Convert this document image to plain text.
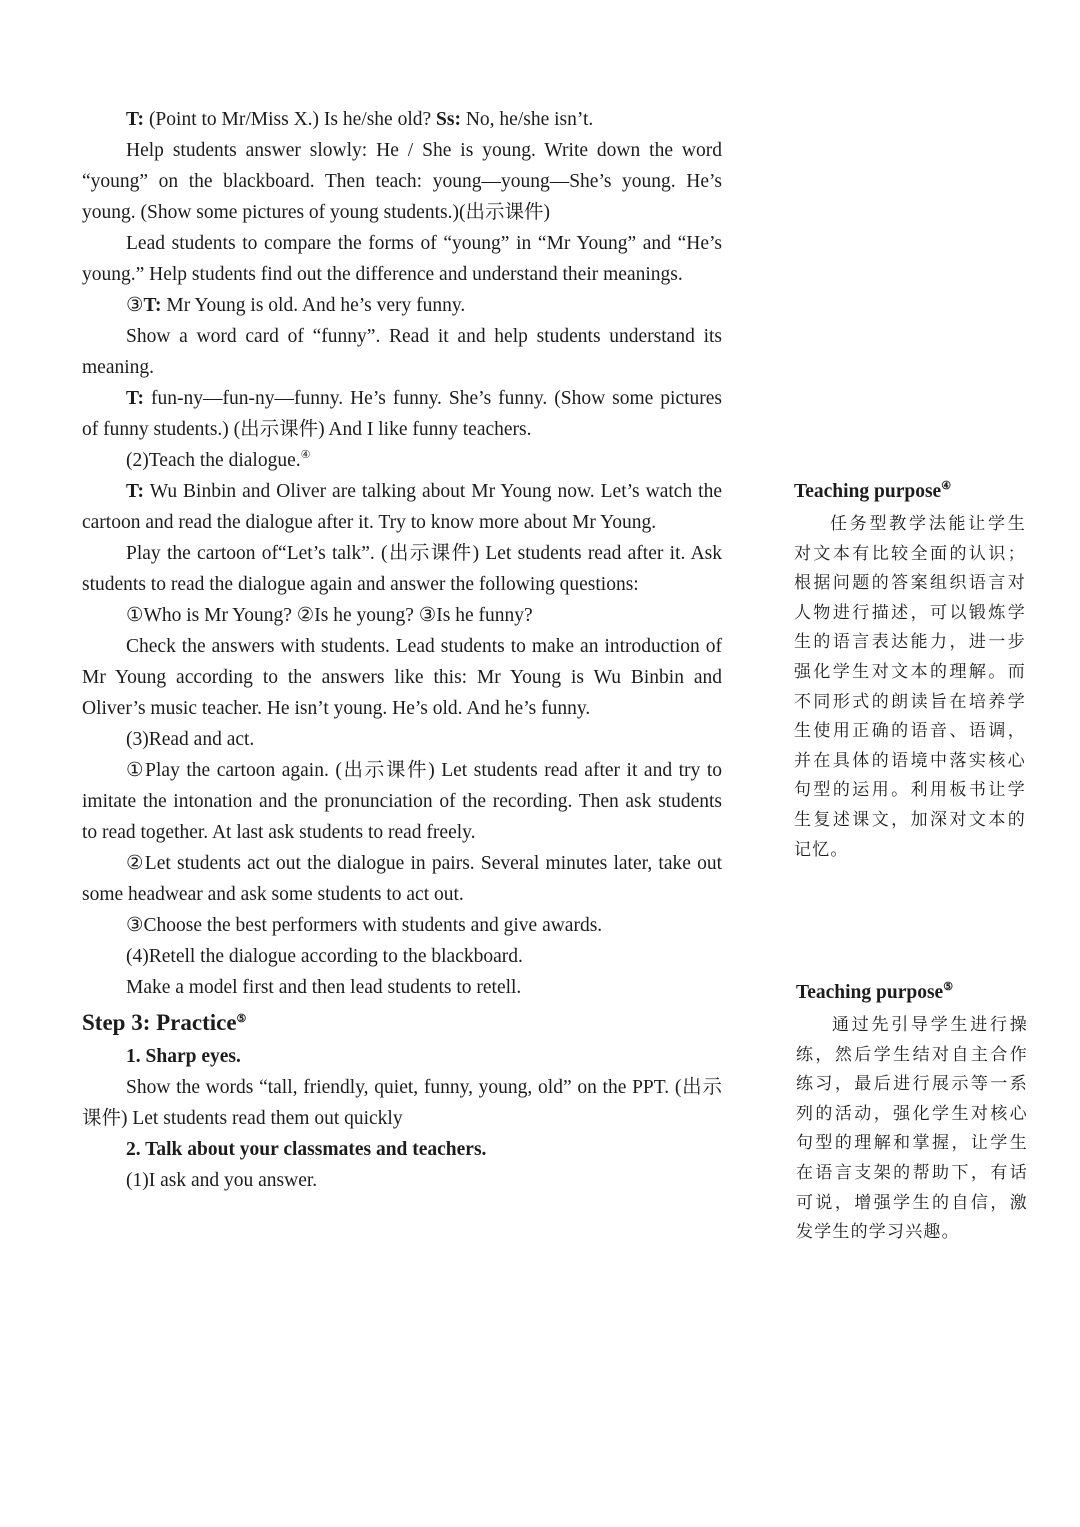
T: (Point to Mr/Miss X.) Is he/she old? Ss: No, he/she isn’t.

Help students answer slowly: He / She is young. Write down the word “young” on the blackboard. Then teach: young—young—She’s young. He’s young. (Show some pictures of young students.)(出示课件)

Lead students to compare the forms of “young” in “Mr Young” and “He’s young.” Help students find out the difference and understand their meanings.

③T: Mr Young is old. And he’s very funny.

Show a word card of “funny”. Read it and help students understand its meaning.

T: fun-ny—fun-ny—funny. He’s funny. She’s funny. (Show some pictures of funny students.) (出示课件) And I like funny teachers.

(2)Teach the dialogue.④

T: Wu Binbin and Oliver are talking about Mr Young now. Let’s watch the cartoon and read the dialogue after it. Try to know more about Mr Young.

Play the cartoon of“Let’s talk”. (出示课件) Let students read after it. Ask students to read the dialogue again and answer the following questions:

①Who is Mr Young? ②Is he young? ③Is he funny?

Check the answers with students. Lead students to make an introduction of Mr Young according to the answers like this: Mr Young is Wu Binbin and Oliver’s music teacher. He isn’t young. He’s old. And he’s funny.

(3)Read and act.

①Play the cartoon again. (出示课件) Let students read after it and try to imitate the intonation and the pronunciation of the recording. Then ask students to read together. At last ask students to read freely.

②Let students act out the dialogue in pairs. Several minutes later, take out some headwear and ask some students to act out.

③Choose the best performers with students and give awards.

(4)Retell the dialogue according to the blackboard.

Make a model first and then lead students to retell.

Step 3: Practice⑤

1. Sharp eyes.

Show the words “tall, friendly, quiet, funny, young, old” on the PPT. (出示课件) Let students read them out quickly

2. Talk about your classmates and teachers.

(1)I ask and you answer.

Teaching purpose④

任务型教学法能让学生对文本有比较全面的认识；根据问题的答案组织语言对人物进行描述，可以锻炼学生的语言表达能力，进一步强化学生对文本的理解。而不同形式的朗读旨在培养学生使用正确的语音、语调，并在具体的语境中落实核心句型的运用。利用板书让学生复述课文，加深对文本的记忆。

Teaching purpose⑤

通过先引导学生进行操练，然后学生结对自主合作练习，最后进行展示等一系列的活动，强化学生对核心句型的理解和掌握，让学生在语言支架的帮助下，有话可说，增强学生的自信，激发学生的学习兴趣。
